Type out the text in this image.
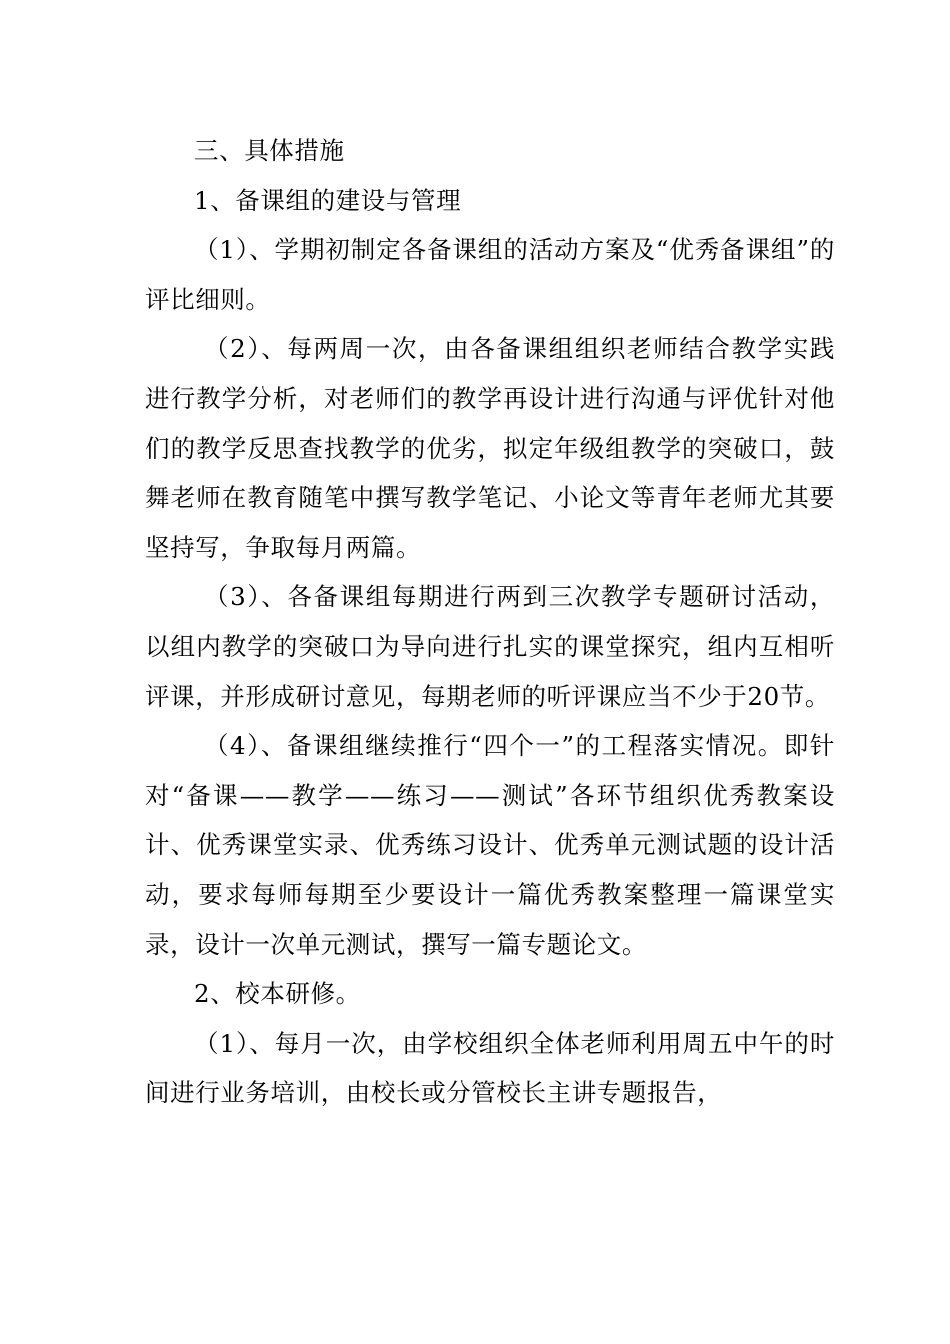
三、具体措施

1、备课组的建设与管理

（1）、学期初制定各备课组的活动方案及“优秀备课组”的评比细则。

（2）、每两周一次，由各备课组组织老师结合教学实践进行教学分析，对老师们的教学再设计进行沟通与评优针对他们的教学反思查找教学的优劣，拟定年级组教学的突破口，鼓舞老师在教育随笔中撰写教学笔记、小论文等青年老师尤其要坚持写，争取每月两篇。

（3）、各备课组每期进行两到三次教学专题研讨活动，以组内教学的突破口为导向进行扎实的课堂探究，组内互相听评课，并形成研讨意见，每期老师的听评课应当不少于20节。

（4）、备课组继续推行“四个一”的工程落实情况。即针对“备课——教学——练习——测试”各环节组织优秀教案设计、优秀课堂实录、优秀练习设计、优秀单元测试题的设计活动，要求每师每期至少要设计一篇优秀教案整理一篇课堂实录，设计一次单元测试，撰写一篇专题论文。

2、校本研修。

（1）、每月一次，由学校组织全体老师利用周五中午的时间进行业务培训，由校长或分管校长主讲专题报告，
